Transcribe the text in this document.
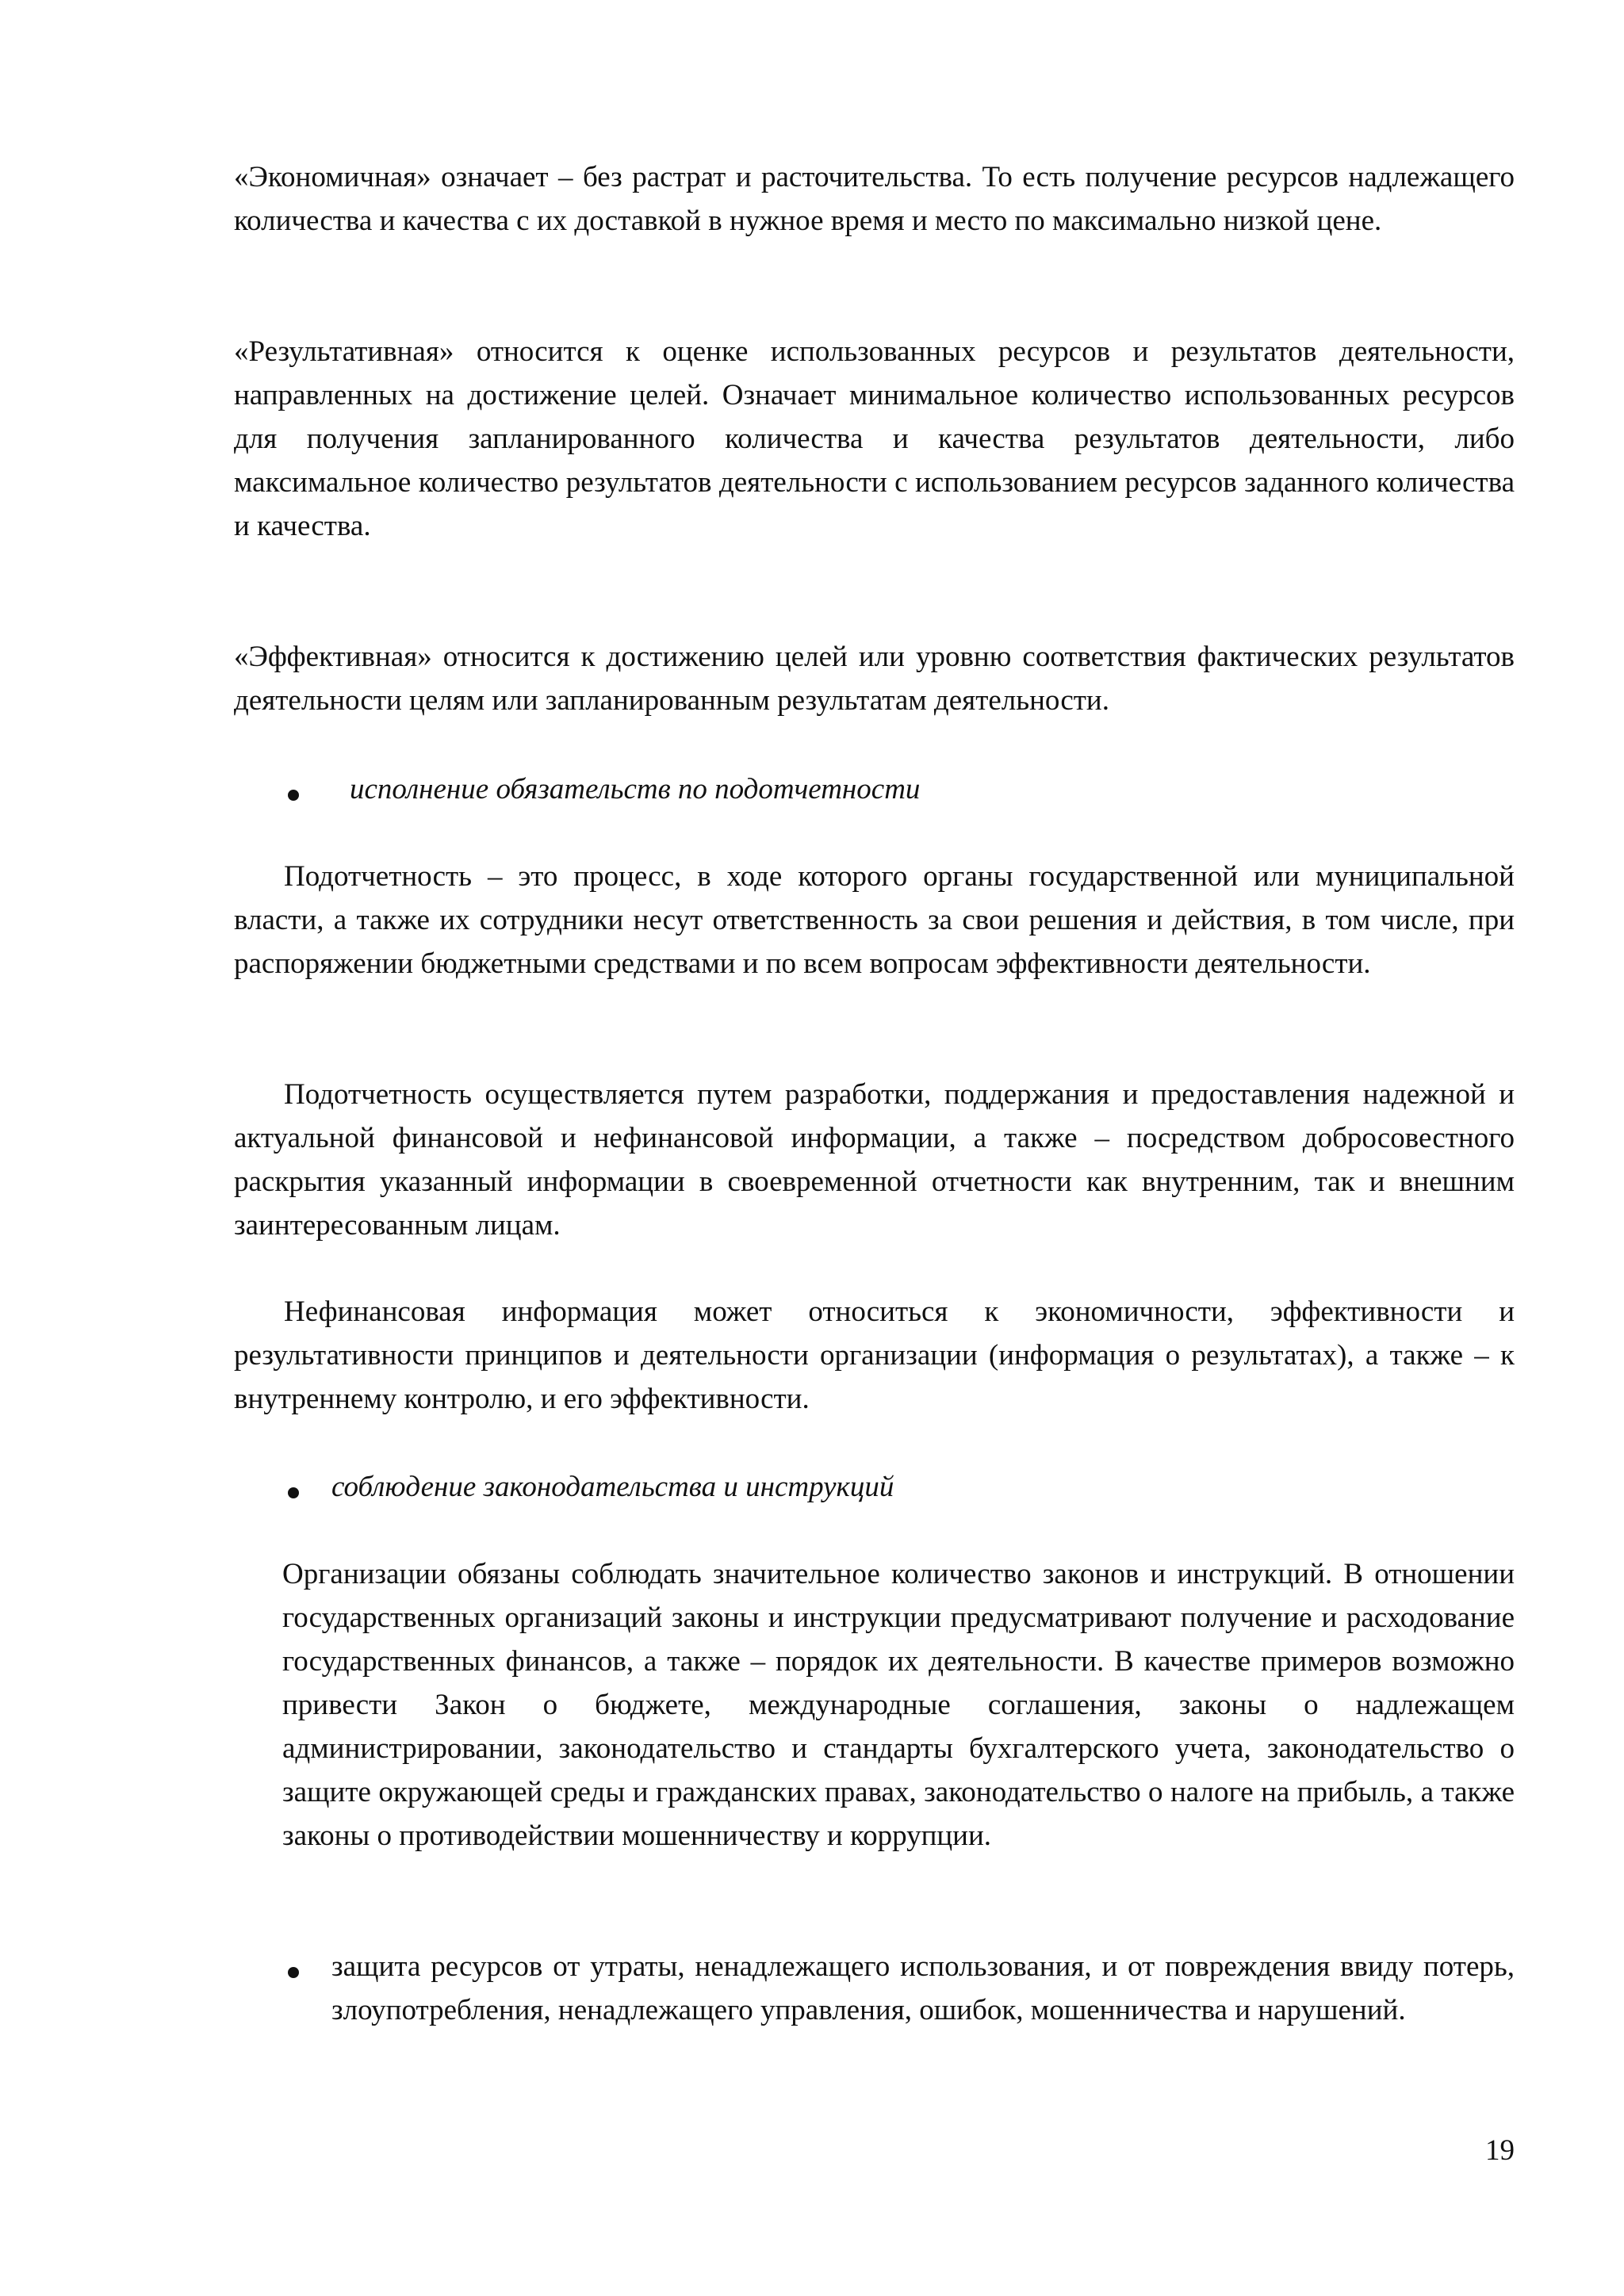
«Экономичная» означает – без растрат и расточительства. То есть получение ресурсов надлежащего количества и качества с их доставкой в нужное время и место по максимально низкой цене.

«Результативная» относится к оценке использованных ресурсов и результатов деятельности, направленных на достижение целей. Означает минимальное количество использованных ресурсов для получения запланированного количества и качества результатов деятельности, либо максимальное количество результатов деятельности с использованием ресурсов заданного количества и качества.

«Эффективная» относится к достижению целей или уровню соответствия фактических результатов деятельности целям или запланированным результатам деятельности.

исполнение обязательств по подотчетности

Подотчетность – это процесс, в ходе которого органы государственной или муниципальной власти, а также их сотрудники несут ответственность за свои решения и действия, в том числе, при распоряжении бюджетными средствами и по всем вопросам эффективности деятельности.

Подотчетность осуществляется путем разработки, поддержания и предоставления надежной и актуальной финансовой и нефинансовой информации, а также – посредством добросовестного раскрытия указанный информации в своевременной отчетности как внутренним, так и внешним заинтересованным лицам.

Нефинансовая информация может относиться к экономичности, эффективности и результативности принципов и деятельности организации (информация о результатах), а также – к внутреннему контролю, и его эффективности.

соблюдение законодательства и инструкций

Организации обязаны соблюдать значительное количество законов и инструкций. В отношении государственных организаций законы и инструкции предусматривают получение и расходование государственных финансов, а также – порядок их деятельности. В качестве примеров возможно привести Закон о бюджете, международные соглашения, законы о надлежащем администрировании, законодательство и стандарты бухгалтерского учета, законодательство о защите окружающей среды и гражданских правах, законодательство о налоге на прибыль, а также законы о противодействии мошенничеству и коррупции.

защита ресурсов от утраты, ненадлежащего использования, и от повреждения ввиду потерь, злоупотребления, ненадлежащего управления, ошибок, мошенничества и нарушений.

19
